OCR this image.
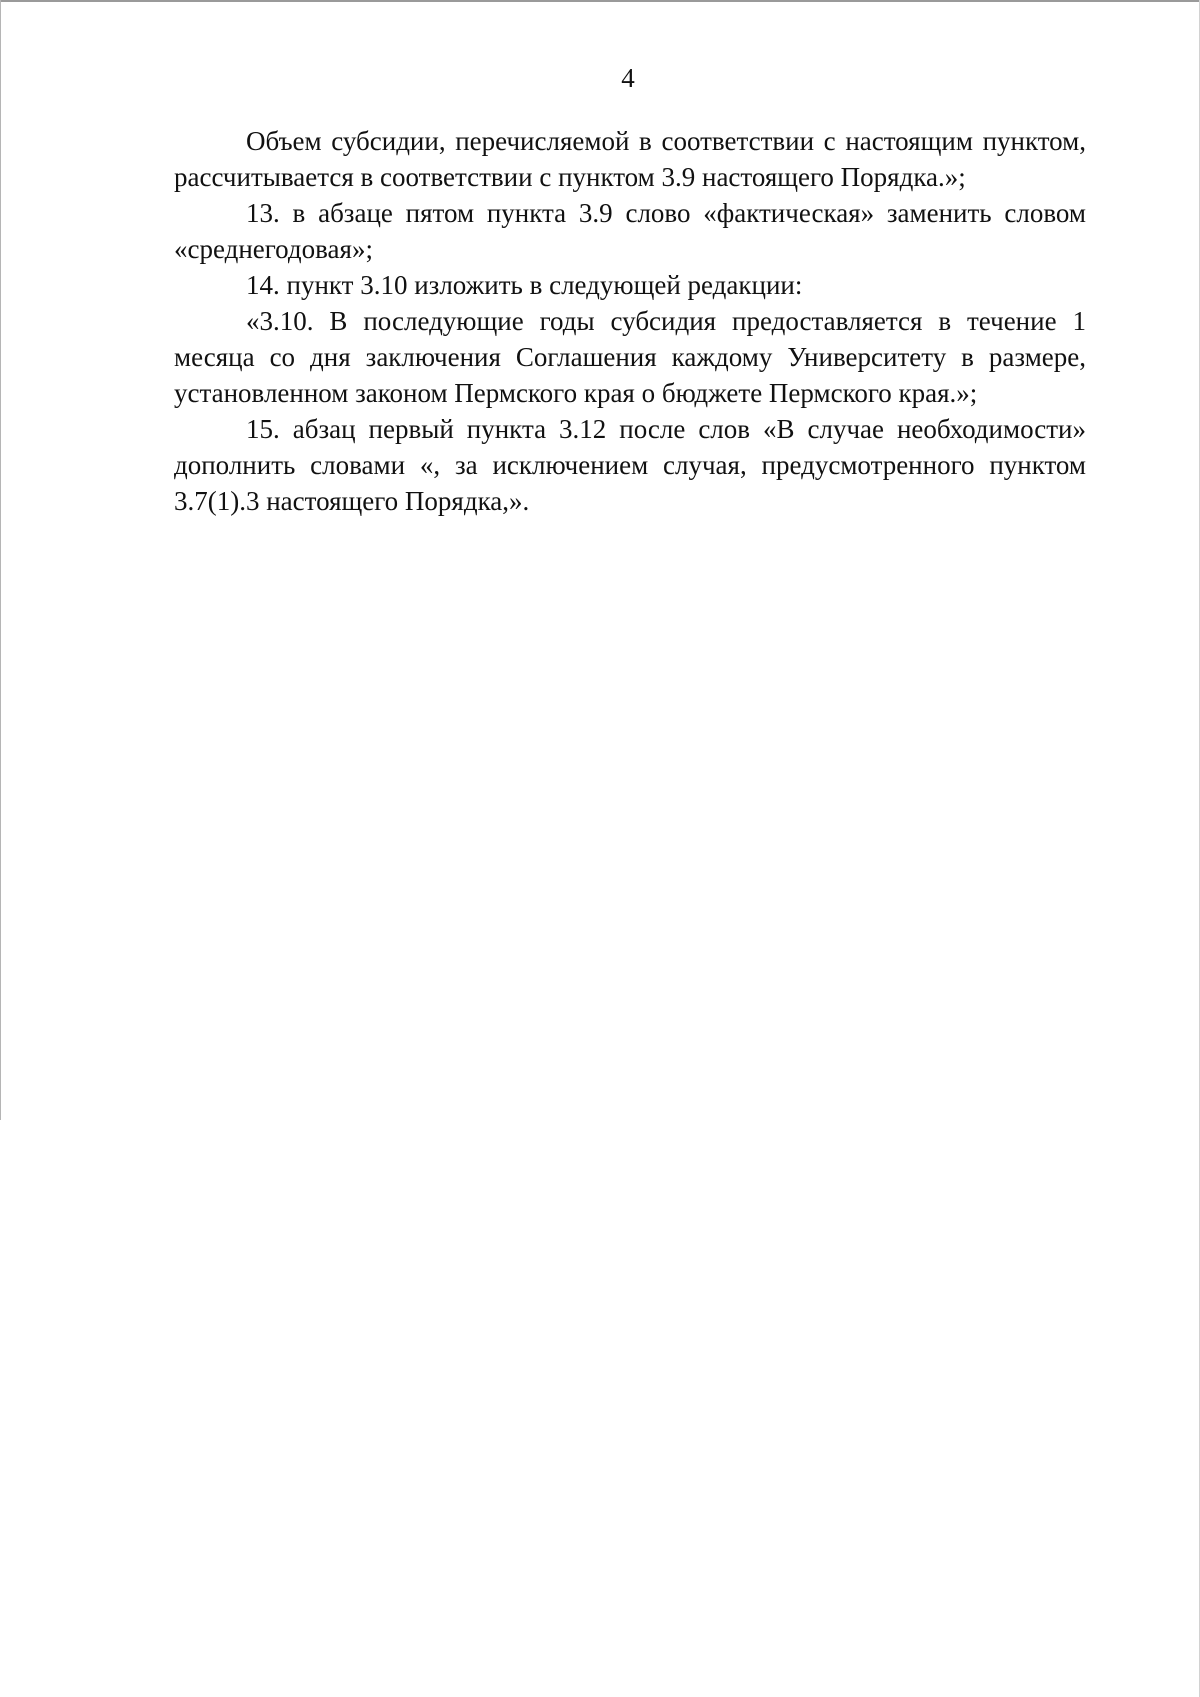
4

Объем субсидии, перечисляемой в соответствии с настоящим пунктом, рассчитывается в соответствии с пунктом 3.9 настоящего Порядка.»;

13. в абзаце пятом пункта 3.9 слово «фактическая» заменить словом «среднегодовая»;

14. пункт 3.10 изложить в следующей редакции:

«3.10. В последующие годы субсидия предоставляется в течение 1 месяца со дня заключения Соглашения каждому Университету в размере, установленном законом Пермского края о бюджете Пермского края.»;

15. абзац первый пункта 3.12 после слов «В случае необходимости» дополнить словами «, за исключением случая, предусмотренного пунктом 3.7(1).3 настоящего Порядка,».
